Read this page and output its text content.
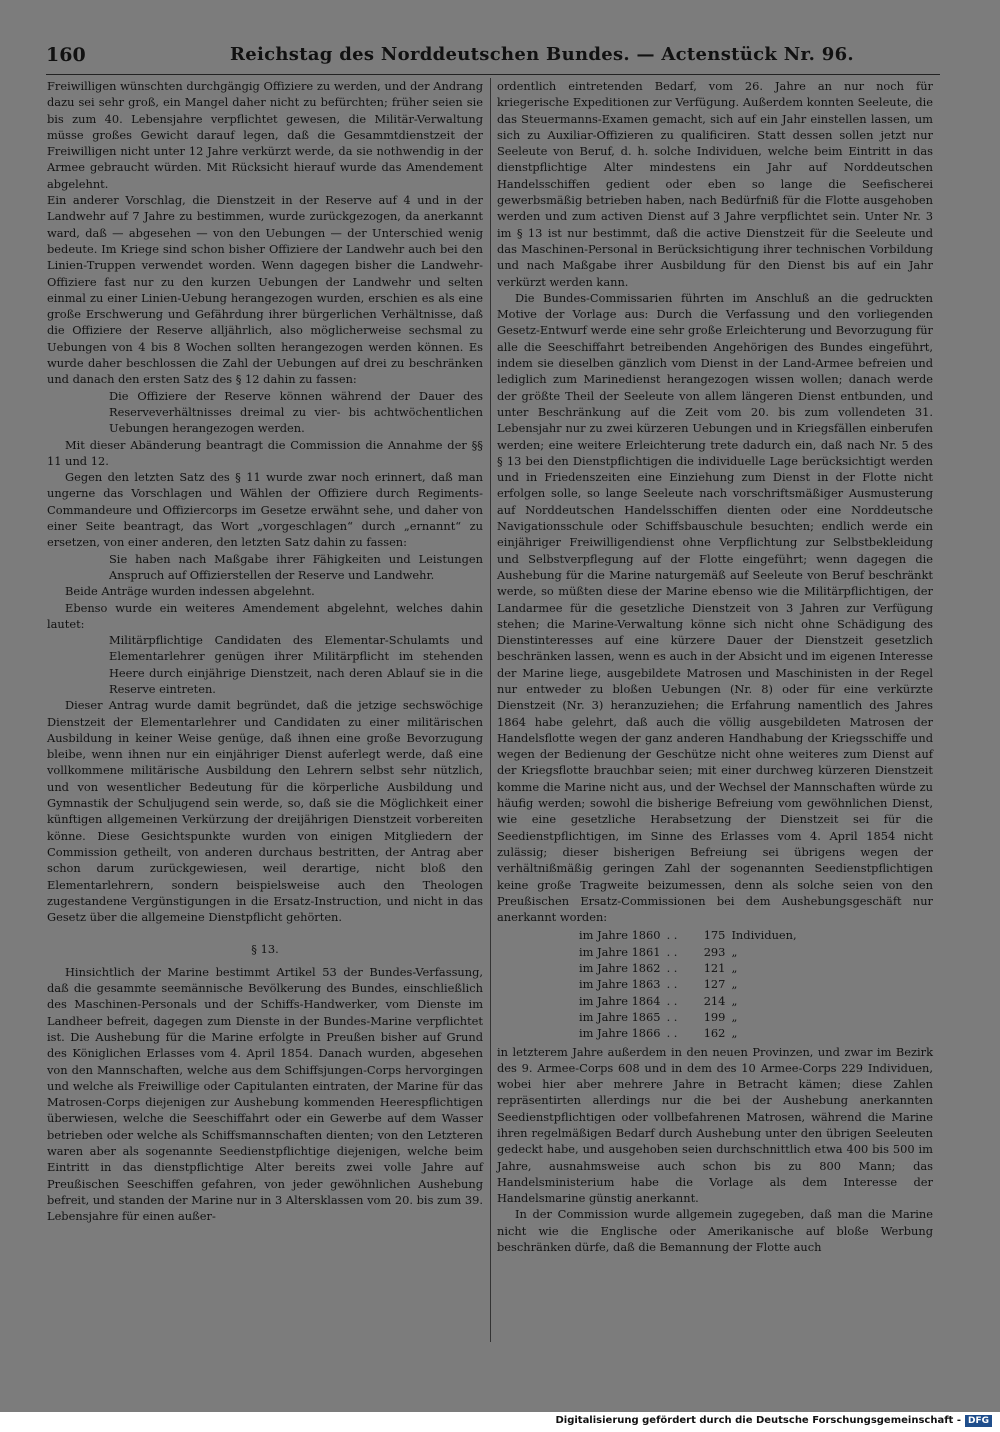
160	Reichstag des Norddeutschen Bundes. — Actenstück Nr. 96.

Freiwilligen wünschten durchgängig Offiziere zu werden, und der Andrang dazu sei sehr groß, ein Mangel daher nicht zu befürchten; früher seien sie bis zum 40. Lebensjahre verpflichtet gewesen, die Militär-Verwaltung müsse großes Gewicht darauf legen, daß die Gesammtdienstzeit der Freiwilligen nicht unter 12 Jahre verkürzt werde, da sie nothwendig in der Armee gebraucht würden. Mit Rücksicht hierauf wurde das Amendement abgelehnt.

Ein anderer Vorschlag, die Dienstzeit in der Reserve auf 4 und in der Landwehr auf 7 Jahre zu bestimmen, wurde zurückgezogen, da anerkannt ward, daß — abgesehen — von den Uebungen — der Unterschied wenig bedeute. Im Kriege sind schon bisher Offiziere der Landwehr auch bei den Linien-Truppen verwendet worden. Wenn dagegen bisher die Landwehr-Offiziere fast nur zu den kurzen Uebungen der Landwehr und selten einmal zu einer Linien-Uebung herangezogen wurden, erschien es als eine große Erschwerung und Gefährdung ihrer bürgerlichen Verhältnisse, daß die Offiziere der Reserve alljährlich, also möglicherweise sechsmal zu Uebungen von 4 bis 8 Wochen sollten herangezogen werden können. Es wurde daher beschlossen die Zahl der Uebungen auf drei zu beschränken und danach den ersten Satz des § 12 dahin zu fassen:

Die Offiziere der Reserve können während der Dauer des Reserveverhältnisses dreimal zu vier- bis achtwöchentlichen Uebungen herangezogen werden.

Mit dieser Abänderung beantragt die Commission die Annahme der §§ 11 und 12.

Gegen den letzten Satz des § 11 wurde zwar noch erinnert, daß man ungerne das Vorschlagen und Wählen der Offiziere durch Regiments-Commandeure und Offiziercorps im Gesetze erwähnt sehe, und daher von einer Seite beantragt, das Wort „vorgeschlagen“ durch „ernannt“ zu ersetzen, von einer anderen, den letzten Satz dahin zu fassen:

Sie haben nach Maßgabe ihrer Fähigkeiten und Leistungen Anspruch auf Offizierstellen der Reserve und Landwehr.

Beide Anträge wurden indessen abgelehnt.

Ebenso wurde ein weiteres Amendement abgelehnt, welches dahin lautet:

Militärpflichtige Candidaten des Elementar-Schulamts und Elementarlehrer genügen ihrer Militärpflicht im stehenden Heere durch einjährige Dienstzeit, nach deren Ablauf sie in die Reserve eintreten.

Dieser Antrag wurde damit begründet, daß die jetzige sechswöchige Dienstzeit der Elementarlehrer und Candidaten zu einer militärischen Ausbildung in keiner Weise genüge, daß ihnen eine große Bevorzugung bleibe, wenn ihnen nur ein einjähriger Dienst auferlegt werde, daß eine vollkommene militärische Ausbildung den Lehrern selbst sehr nützlich, und von wesentlicher Bedeutung für die körperliche Ausbildung und Gymnastik der Schuljugend sein werde, so, daß sie die Möglichkeit einer künftigen allgemeinen Verkürzung der dreijährigen Dienstzeit vorbereiten könne. Diese Gesichtspunkte wurden von einigen Mitgliedern der Commission getheilt, von anderen durchaus bestritten, der Antrag aber schon darum zurückgewiesen, weil derartige, nicht bloß den Elementarlehrern, sondern beispielsweise auch den Theologen zugestandene Vergünstigungen in die Ersatz-Instruction, und nicht in das Gesetz über die allgemeine Dienstpflicht gehörten.

§ 13.

Hinsichtlich der Marine bestimmt Artikel 53 der Bundes-Verfassung, daß die gesammte seemännische Bevölkerung des Bundes, einschließlich des Maschinen-Personals und der Schiffs-Handwerker, vom Dienste im Landheer befreit, dagegen zum Dienste in der Bundes-Marine verpflichtet ist. Die Aushebung für die Marine erfolgte in Preußen bisher auf Grund des Königlichen Erlasses vom 4. April 1854. Danach wurden, abgesehen von den Mannschaften, welche aus dem Schiffsjungen-Corps hervorgingen und welche als Freiwillige oder Capitulanten eintraten, der Marine für das Matrosen-Corps diejenigen zur Aushebung kommenden Heerespflichtigen überwiesen, welche die Seeschiffahrt oder ein Gewerbe auf dem Wasser betrieben oder welche als Schiffsmannschaften dienten; von den Letzteren waren aber als sogenannte Seedienstpflichtige diejenigen, welche beim Eintritt in das dienstpflichtige Alter bereits zwei volle Jahre auf Preußischen Seeschiffen gefahren, von jeder gewöhnlichen Aushebung befreit, und standen der Marine nur in 3 Altersklassen vom 20. bis zum 39. Lebensjahre für einen außer-

ordentlich eintretenden Bedarf, vom 26. Jahre an nur noch für kriegerische Expeditionen zur Verfügung. Außerdem konnten Seeleute, die das Steuermanns-Examen gemacht, sich auf ein Jahr einstellen lassen, um sich zu Auxiliar-Offizieren zu qualificiren. Statt dessen sollen jetzt nur Seeleute von Beruf, d. h. solche Individuen, welche beim Eintritt in das dienstpflichtige Alter mindestens ein Jahr auf Norddeutschen Handelsschiffen gedient oder eben so lange die Seefischerei gewerbsmäßig betrieben haben, nach Bedürfniß für die Flotte ausgehoben werden und zum activen Dienst auf 3 Jahre verpflichtet sein. Unter Nr. 3 im § 13 ist nur bestimmt, daß die active Dienstzeit für die Seeleute und das Maschinen-Personal in Berücksichtigung ihrer technischen Vorbildung und nach Maßgabe ihrer Ausbildung für den Dienst bis auf ein Jahr verkürzt werden kann.

Die Bundes-Commissarien führten im Anschluß an die gedruckten Motive der Vorlage aus: Durch die Verfassung und den vorliegenden Gesetz-Entwurf werde eine sehr große Erleichterung und Bevorzugung für alle die Seeschiffahrt betreibenden Angehörigen des Bundes eingeführt, indem sie dieselben gänzlich vom Dienst in der Land-Armee befreien und lediglich zum Marinedienst herangezogen wissen wollen; danach werde der größte Theil der Seeleute von allem längeren Dienst entbunden, und unter Beschränkung auf die Zeit vom 20. bis zum vollendeten 31. Lebensjahr nur zu zwei kürzeren Uebungen und in Kriegsfällen einberufen werden; eine weitere Erleichterung trete dadurch ein, daß nach Nr. 5 des § 13 bei den Dienstpflichtigen die individuelle Lage berücksichtigt werden und in Friedenszeiten eine Einziehung zum Dienst in der Flotte nicht erfolgen solle, so lange Seeleute nach vorschriftsmäßiger Ausmusterung auf Norddeutschen Handelsschiffen dienten oder eine Norddeutsche Navigationsschule oder Schiffsbauschule besuchten; endlich werde ein einjähriger Freiwilligendienst ohne Verpflichtung zur Selbstbekleidung und Selbstverpflegung auf der Flotte eingeführt; wenn dagegen die Aushebung für die Marine naturgemäß auf Seeleute von Beruf beschränkt werde, so müßten diese der Marine ebenso wie die Militärpflichtigen, der Landarmee für die gesetzliche Dienstzeit von 3 Jahren zur Verfügung stehen; die Marine-Verwaltung könne sich nicht ohne Schädigung des Dienstinteresses auf eine kürzere Dauer der Dienstzeit gesetzlich beschränken lassen, wenn es auch in der Absicht und im eigenen Interesse der Marine liege, ausgebildete Matrosen und Maschinisten in der Regel nur entweder zu bloßen Uebungen (Nr. 8) oder für eine verkürzte Dienstzeit (Nr. 3) heranzuziehen; die Erfahrung namentlich des Jahres 1864 habe gelehrt, daß auch die völlig ausgebildeten Matrosen der Handelsflotte wegen der ganz anderen Handhabung der Kriegsschiffe und wegen der Bedienung der Geschütze nicht ohne weiteres zum Dienst auf der Kriegsflotte brauchbar seien; mit einer durchweg kürzeren Dienstzeit komme die Marine nicht aus, und der Wechsel der Mannschaften würde zu häufig werden; sowohl die bisherige Befreiung vom gewöhnlichen Dienst, wie eine gesetzliche Herabsetzung der Dienstzeit sei für die Seedienstpflichtigen, im Sinne des Erlasses vom 4. April 1854 nicht zulässig; dieser bisherigen Befreiung sei übrigens wegen der verhältnißmäßig geringen Zahl der sogenannten Seedienstpflichtigen keine große Tragweite beizumessen, denn als solche seien von den Preußischen Ersatz-Commissionen bei dem Aushebungsgeschäft nur anerkannt worden:

im Jahre 1860	. .	175	Individuen,
im Jahre 1861	. .	293	„
im Jahre 1862	. .	121	„
im Jahre 1863	. .	127	„
im Jahre 1864	. .	214	„
im Jahre 1865	. .	199	„
im Jahre 1866	. .	162	„

in letzterem Jahre außerdem in den neuen Provinzen, und zwar im Bezirk des 9. Armee-Corps 608 und in dem des 10 Armee-Corps 229 Individuen, wobei hier aber mehrere Jahre in Betracht kämen; diese Zahlen repräsentirten allerdings nur die bei der Aushebung anerkannten Seedienstpflichtigen oder vollbefahrenen Matrosen, während die Marine ihren regelmäßigen Bedarf durch Aushebung unter den übrigen Seeleuten gedeckt habe, und ausgehoben seien durchschnittlich etwa 400 bis 500 im Jahre, ausnahmsweise auch schon bis zu 800 Mann; das Handelsministerium habe die Vorlage als dem Interesse der Handelsmarine günstig anerkannt.

In der Commission wurde allgemein zugegeben, daß man die Marine nicht wie die Englische oder Amerikanische auf bloße Werbung beschränken dürfe, daß die Bemannung der Flotte auch

Digitalisierung gefördert durch die Deutsche Forschungsgemeinschaft - DFG
